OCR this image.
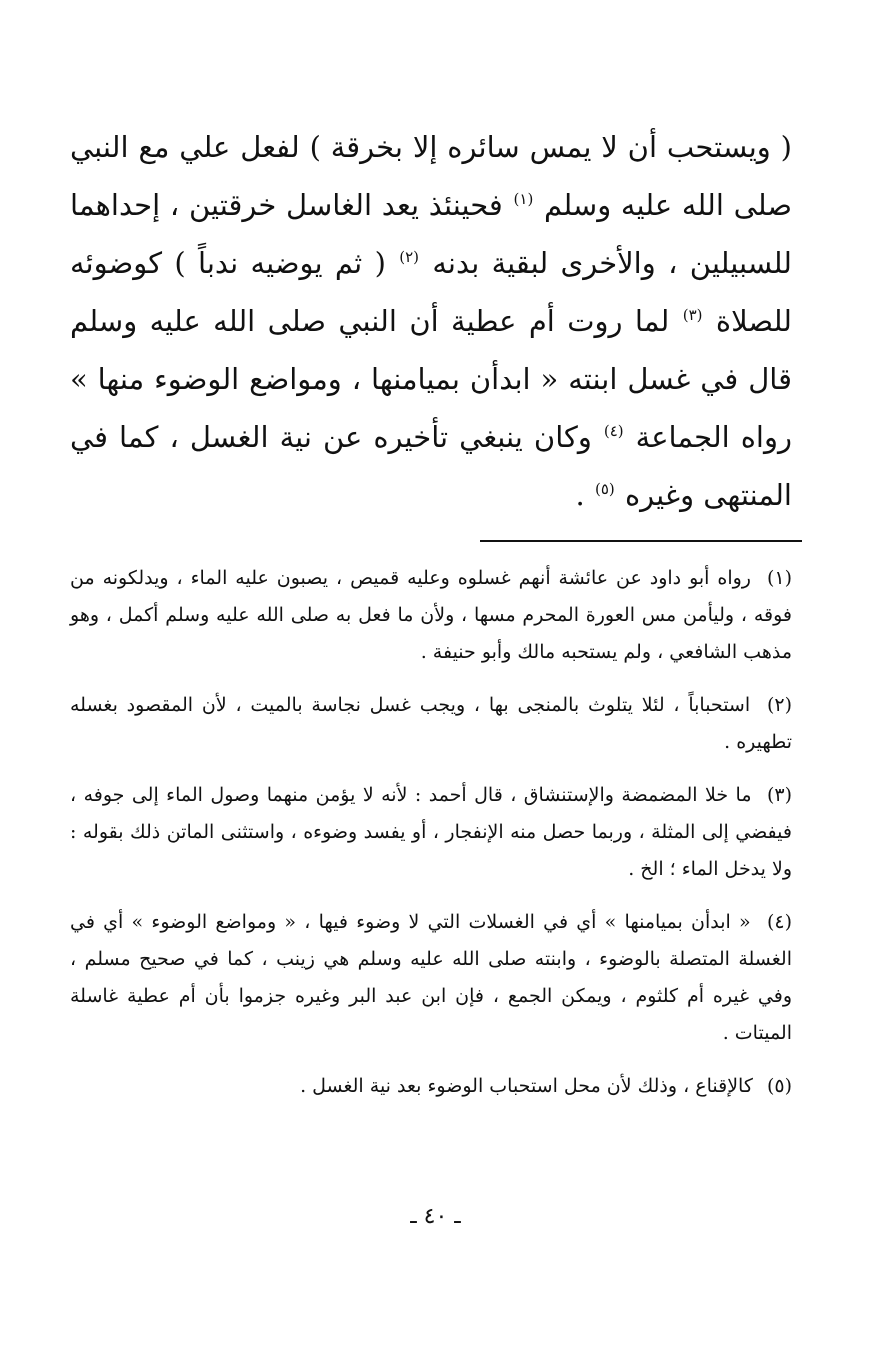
( ويستحب أن لا يمس سائره إلا بخرقة ) لفعل علي مع النبي صلى الله عليه وسلم $^{(١)}$ فحينئذ يعد الغاسل خرقتين ، إحداهما للسبيلين ، والأخرى لبقية بدنه $^{(٢)}$ ( ثم يوضيه ندباً ) كوضوئه للصلاة $^{(٣)}$ لما روت أم عطية أن النبي صلى الله عليه وسلم قال في غسل ابنته « ابدأن بميامنها ، ومواضع الوضوء منها » رواه الجماعة $^{(٤)}$ وكان ينبغي تأخيره عن نية الغسل ، كما في المنتهى وغيره $^{(٥)}$ .

(١) رواه أبو داود عن عائشة أنهم غسلوه وعليه قميص ، يصبون عليه الماء ، ويدلكونه من فوقه ، وليأمن مس العورة المحرم مسها ، ولأن ما فعل به صلى الله عليه وسلم أكمل ، وهو مذهب الشافعي ، ولم يستحبه مالك وأبو حنيفة .

(٢) استحباباً ، لئلا يتلوث بالمنجى بها ، ويجب غسل نجاسة بالميت ، لأن المقصود بغسله تطهيره .

(٣) ما خلا المضمضة والإستنشاق ، قال أحمد : لأنه لا يؤمن منهما وصول الماء إلى جوفه ، فيفضي إلى المثلة ، وربما حصل منه الإنفجار ، أو يفسد وضوءه ، واستثنى الماتن ذلك بقوله : ولا يدخل الماء ؛ الخ .

(٤) « ابدأن بميامنها » أي في الغسلات التي لا وضوء فيها ، « ومواضع الوضوء » أي في الغسلة المتصلة بالوضوء ، وابنته صلى الله عليه وسلم هي زينب ، كما في صحيح مسلم ، وفي غيره أم كلثوم ، ويمكن الجمع ، فإن ابن عبد البر وغيره جزموا بأن أم عطية غاسلة الميتات .

(٥) كالإقناع ، وذلك لأن محل استحباب الوضوء بعد نية الغسل .

ـ ٤٠ ـ
